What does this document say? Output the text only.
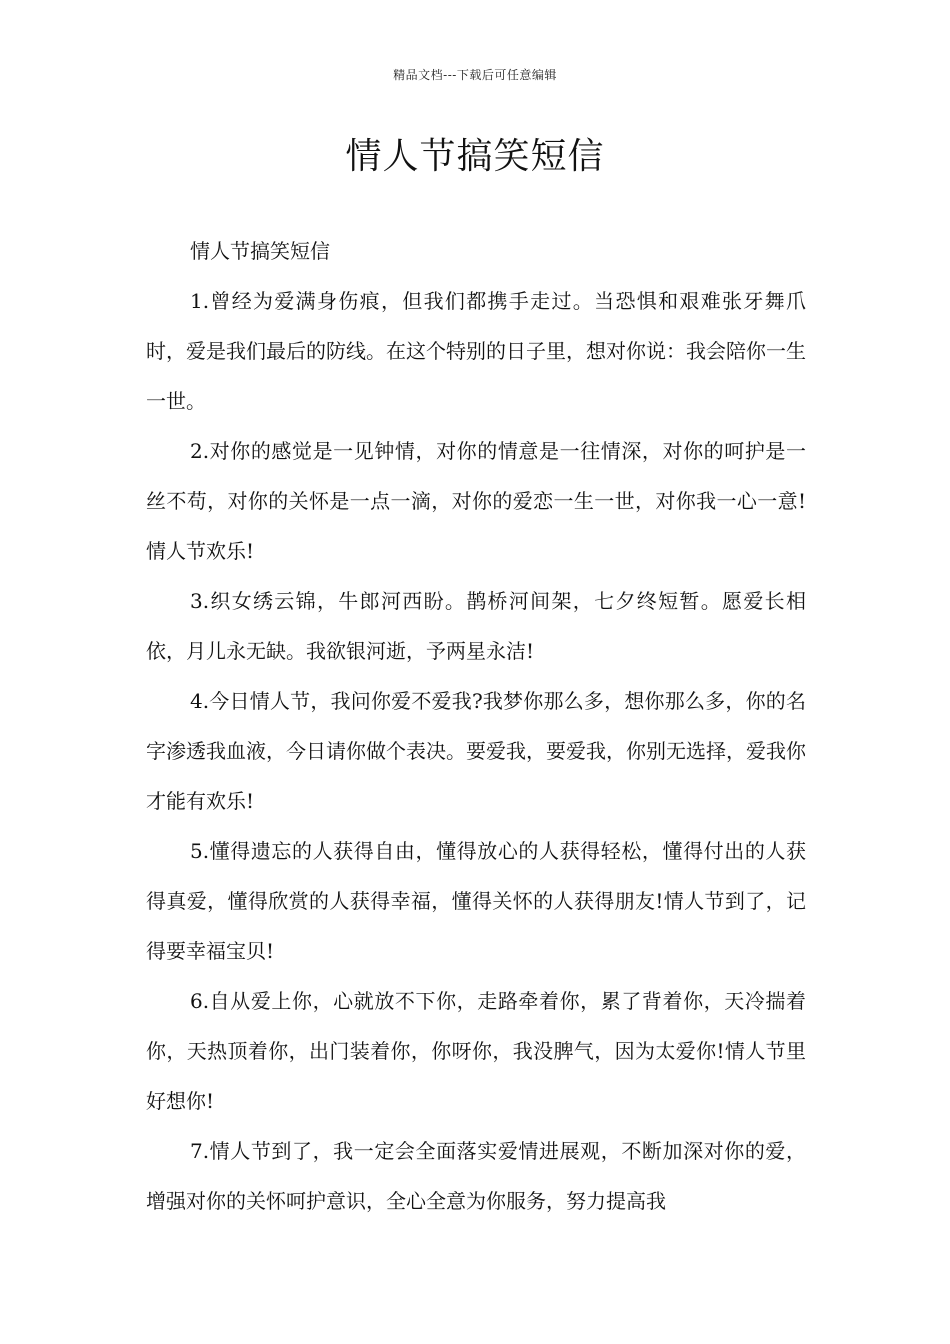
精品文档---下载后可任意编辑
情人节搞笑短信

情人节搞笑短信

1.曾经为爱满身伤痕，但我们都携手走过。当恐惧和艰难张牙舞爪时，爱是我们最后的防线。在这个特别的日子里，想对你说：我会陪你一生一世。

2.对你的感觉是一见钟情，对你的情意是一往情深，对你的呵护是一丝不苟，对你的关怀是一点一滴，对你的爱恋一生一世，对你我一心一意!情人节欢乐!

3.织女绣云锦，牛郎河西盼。鹊桥河间架，七夕终短暂。愿爱长相依，月儿永无缺。我欲银河逝，予两星永洁!

4.今日情人节，我问你爱不爱我?我梦你那么多，想你那么多，你的名字渗透我血液，今日请你做个表决。要爱我，要爱我，你别无选择，爱我你才能有欢乐!

5.懂得遗忘的人获得自由，懂得放心的人获得轻松，懂得付出的人获得真爱，懂得欣赏的人获得幸福，懂得关怀的人获得朋友!情人节到了，记得要幸福宝贝!

6.自从爱上你，心就放不下你，走路牵着你，累了背着你，天冷揣着你，天热顶着你，出门装着你，你呀你，我没脾气，因为太爱你!情人节里好想你!

7.情人节到了，我一定会全面落实爱情进展观，不断加深对你的爱，增强对你的关怀呵护意识，全心全意为你服务，努力提高我
